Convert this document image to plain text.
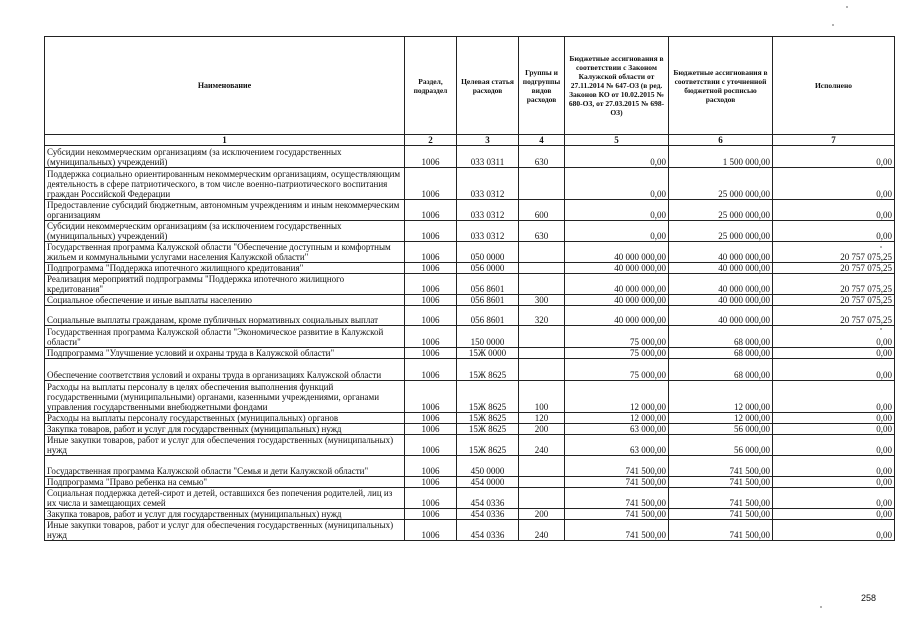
Наименование	Раздел, подраздел	Целевая статья расходов	Группы и подгруппы видов расходов	Бюджетные ассигнования в соответствии с Законом Калужской области от 27.11.2014 № 647-ОЗ (в ред. Законов КО от 10.02.2015 № 680-ОЗ, от 27.03.2015 № 698-ОЗ)	Бюджетные ассигнования в соответствии с уточненной бюджетной росписью расходов	Исполнено
1	2	3	4	5	6	7
Субсидии некоммерческим организациям (за исключением государственных (муниципальных) учреждений)	1006	033 0311	630	0,00	1 500 000,00	0,00
Поддержка социально ориентированным некоммерческим организациям, осуществляющим деятельность в сфере патриотического, в том числе военно-патриотического воспитания граждан Российской Федерации	1006	033 0312		0,00	25 000 000,00	0,00
Предоставление субсидий бюджетным, автономным учреждениям и иным некоммерческим организациям	1006	033 0312	600	0,00	25 000 000,00	0,00
Субсидии некоммерческим организациям (за исключением государственных (муниципальных) учреждений)	1006	033 0312	630	0,00	25 000 000,00	0,00
Государственная программа Калужской области "Обеспечение доступным и комфортным жильем и коммунальными услугами населения Калужской области"	1006	050 0000		40 000 000,00	40 000 000,00	20 757 075,25
Подпрограмма "Поддержка ипотечного жилищного кредитования"	1006	056 0000		40 000 000,00	40 000 000,00	20 757 075,25
Реализация мероприятий подпрограммы "Поддержка ипотечного жилищного кредитования"	1006	056 8601		40 000 000,00	40 000 000,00	20 757 075,25
Социальное обеспечение и иные выплаты населению	1006	056 8601	300	40 000 000,00	40 000 000,00	20 757 075,25
Социальные выплаты гражданам, кроме публичных нормативных социальных выплат	1006	056 8601	320	40 000 000,00	40 000 000,00	20 757 075,25
Государственная программа Калужской области "Экономическое развитие в Калужской области"	1006	150 0000		75 000,00	68 000,00	0,00
Подпрограмма "Улучшение условий и охраны труда в Калужской области"	1006	15Ж 0000		75 000,00	68 000,00	0,00
Обеспечение соответствия условий и охраны труда в организациях Калужской области	1006	15Ж 8625		75 000,00	68 000,00	0,00
Расходы на выплаты персоналу в целях обеспечения выполнения функций государственными (муниципальными) органами, казенными учреждениями, органами управления государственными внебюджетными фондами	1006	15Ж 8625	100	12 000,00	12 000,00	0,00
Расходы на выплаты персоналу государственных (муниципальных) органов	1006	15Ж 8625	120	12 000,00	12 000,00	0,00
Закупка товаров, работ и услуг для государственных (муниципальных) нужд	1006	15Ж 8625	200	63 000,00	56 000,00	0,00
Иные закупки товаров, работ и услуг для обеспечения государственных (муниципальных) нужд	1006	15Ж 8625	240	63 000,00	56 000,00	0,00
Государственная программа Калужской области "Семья и дети Калужской области"	1006	450 0000		741 500,00	741 500,00	0,00
Подпрограмма "Право ребенка на семью"	1006	454 0000		741 500,00	741 500,00	0,00
Социальная поддержка детей-сирот и детей, оставшихся без попечения родителей, лиц из их числа и замещающих семей	1006	454 0336		741 500,00	741 500,00	0,00
Закупка товаров, работ и услуг для государственных (муниципальных) нужд	1006	454 0336	200	741 500,00	741 500,00	0,00
Иные закупки товаров, работ и услуг для обеспечения государственных (муниципальных) нужд	1006	454 0336	240	741 500,00	741 500,00	0,00
258
